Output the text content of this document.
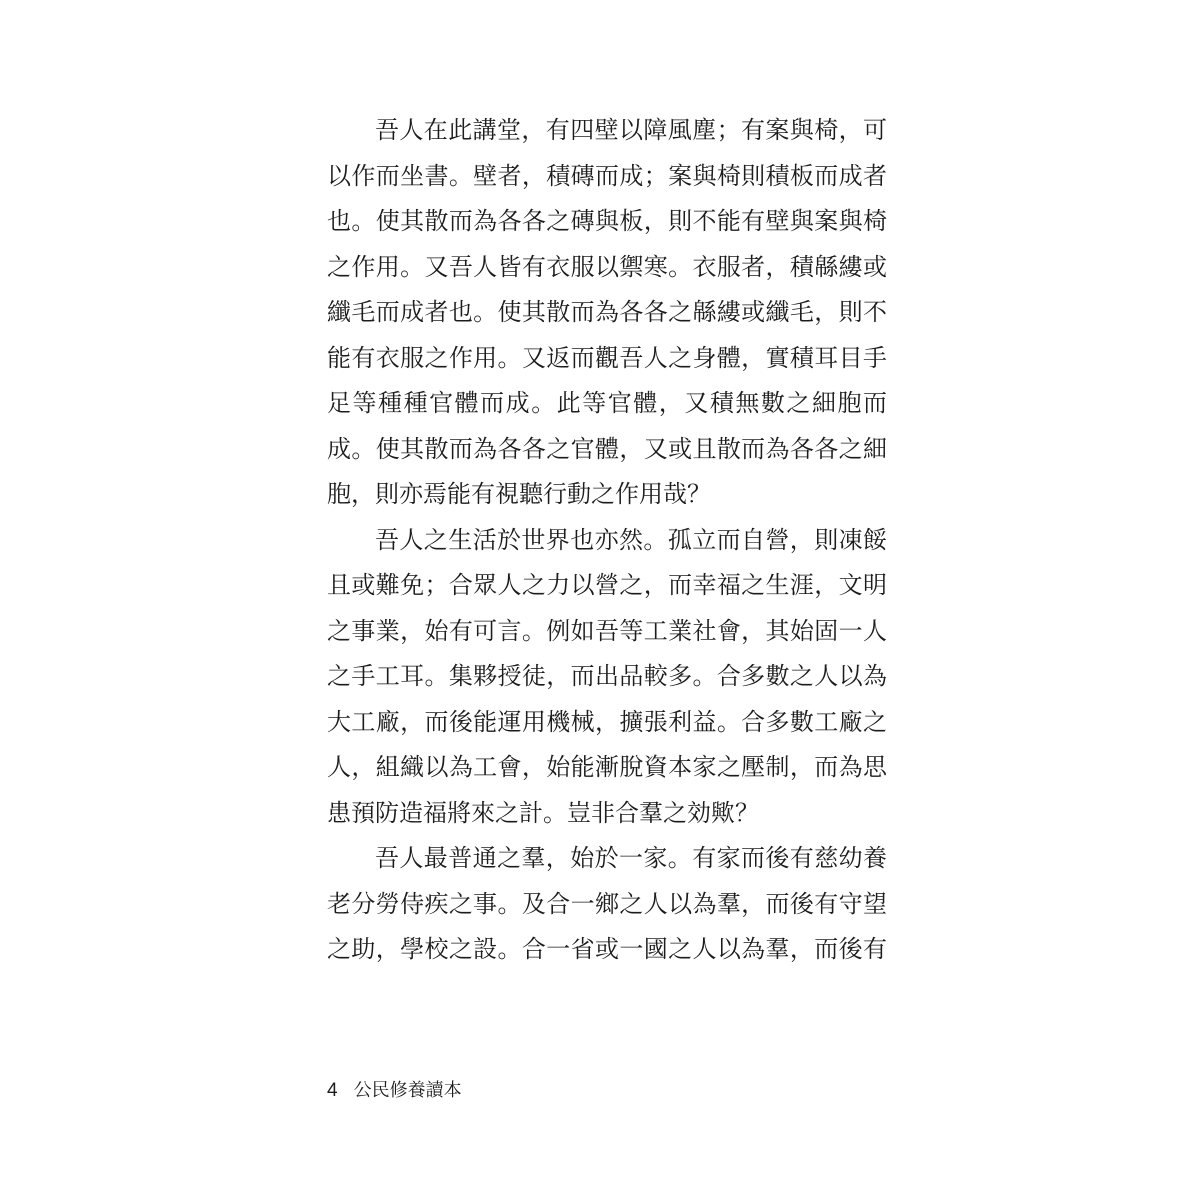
吾人在此講堂，有四壁以障風塵；有案與椅，可
以作而坐書。壁者，積磚而成；案與椅則積板而成者
也。使其散而為各各之磚與板，則不能有壁與案與椅
之作用。又吾人皆有衣服以禦寒。衣服者，積緜縷或
纖毛而成者也。使其散而為各各之緜縷或纖毛，則不
能有衣服之作用。又返而觀吾人之身體，實積耳目手
足等種種官體而成。此等官體，又積無數之細胞而
成。使其散而為各各之官體，又或且散而為各各之細
胞，則亦焉能有視聽行動之作用哉？
吾人之生活於世界也亦然。孤立而自營，則凍餒
且或難免；合眾人之力以營之，而幸福之生涯，文明
之事業，始有可言。例如吾等工業社會，其始固一人
之手工耳。集夥授徒，而出品較多。合多數之人以為
大工廠，而後能運用機械，擴張利益。合多數工廠之
人，組織以為工會，始能漸脫資本家之壓制，而為思
患預防造福將來之計。豈非合羣之効歟？
吾人最普通之羣，始於一家。有家而後有慈幼養
老分勞侍疾之事。及合一鄉之人以為羣，而後有守望
之助，學校之設。合一省或一國之人以為羣，而後有
4 公民修養讀本
